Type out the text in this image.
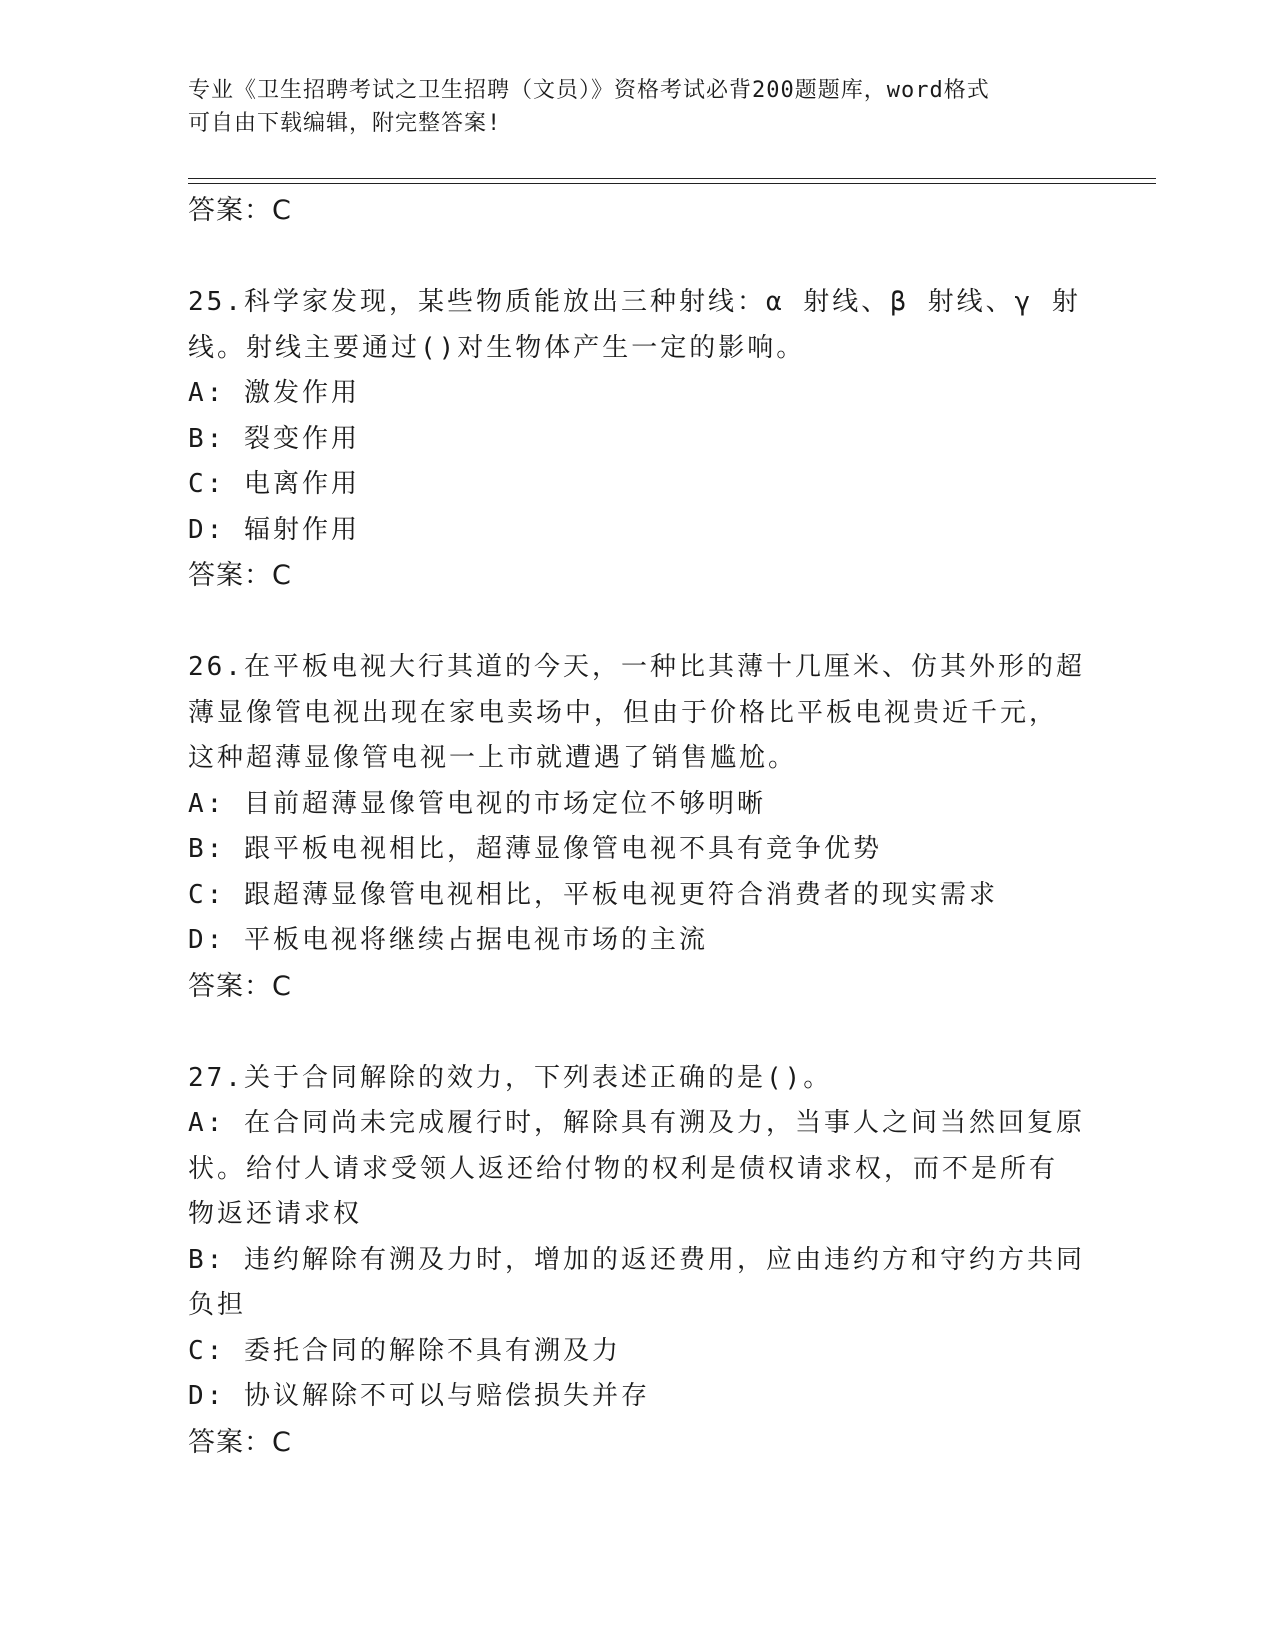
专业《卫生招聘考试之卫生招聘（文员）》资格考试必背200题题库，word格式
可自由下载编辑，附完整答案!
答案：C
25.科学家发现，某些物质能放出三种射线：α 射线、β 射线、γ 射
线。射线主要通过()对生物体产生一定的影响。
A: 激发作用
B: 裂变作用
C: 电离作用
D: 辐射作用
答案：C
26.在平板电视大行其道的今天，一种比其薄十几厘米、仿其外形的超
薄显像管电视出现在家电卖场中，但由于价格比平板电视贵近千元，
这种超薄显像管电视一上市就遭遇了销售尴尬。
A: 目前超薄显像管电视的市场定位不够明晰
B: 跟平板电视相比，超薄显像管电视不具有竞争优势
C: 跟超薄显像管电视相比，平板电视更符合消费者的现实需求
D: 平板电视将继续占据电视市场的主流
答案：C
27.关于合同解除的效力，下列表述正确的是()。
A: 在合同尚未完成履行时，解除具有溯及力，当事人之间当然回复原
状。给付人请求受领人返还给付物的权利是债权请求权，而不是所有
物返还请求权
B: 违约解除有溯及力时，增加的返还费用，应由违约方和守约方共同
负担
C: 委托合同的解除不具有溯及力
D: 协议解除不可以与赔偿损失并存
答案：C
